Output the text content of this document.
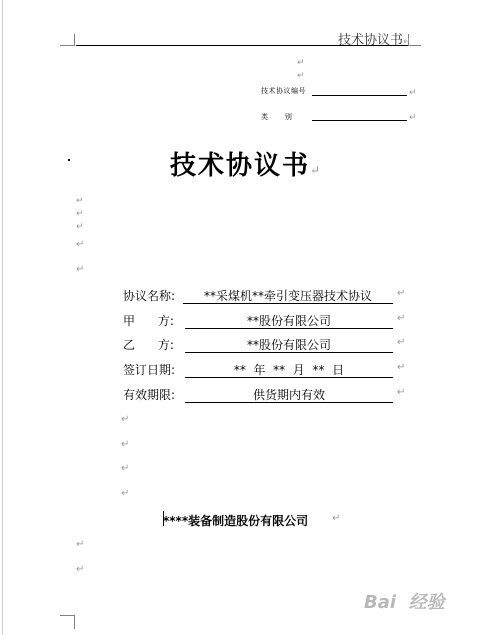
技术协议书↵
↵
↵
技术协议编号	↵
类      别	↵
技术协议书↵
↵
↵
↵
↵
↵
协议名称:	**采煤机**牵引变压器技术协议	↵
甲      方:	**股份有限公司	↵
乙      方:	**股份有限公司	↵
签订日期:	**  年  **  月  **  日	↵
有效期限:	供货期内有效	↵
↵
↵
↵
↵
****装备制造股份有限公司 ↵
↵
↵
Bai  经验
